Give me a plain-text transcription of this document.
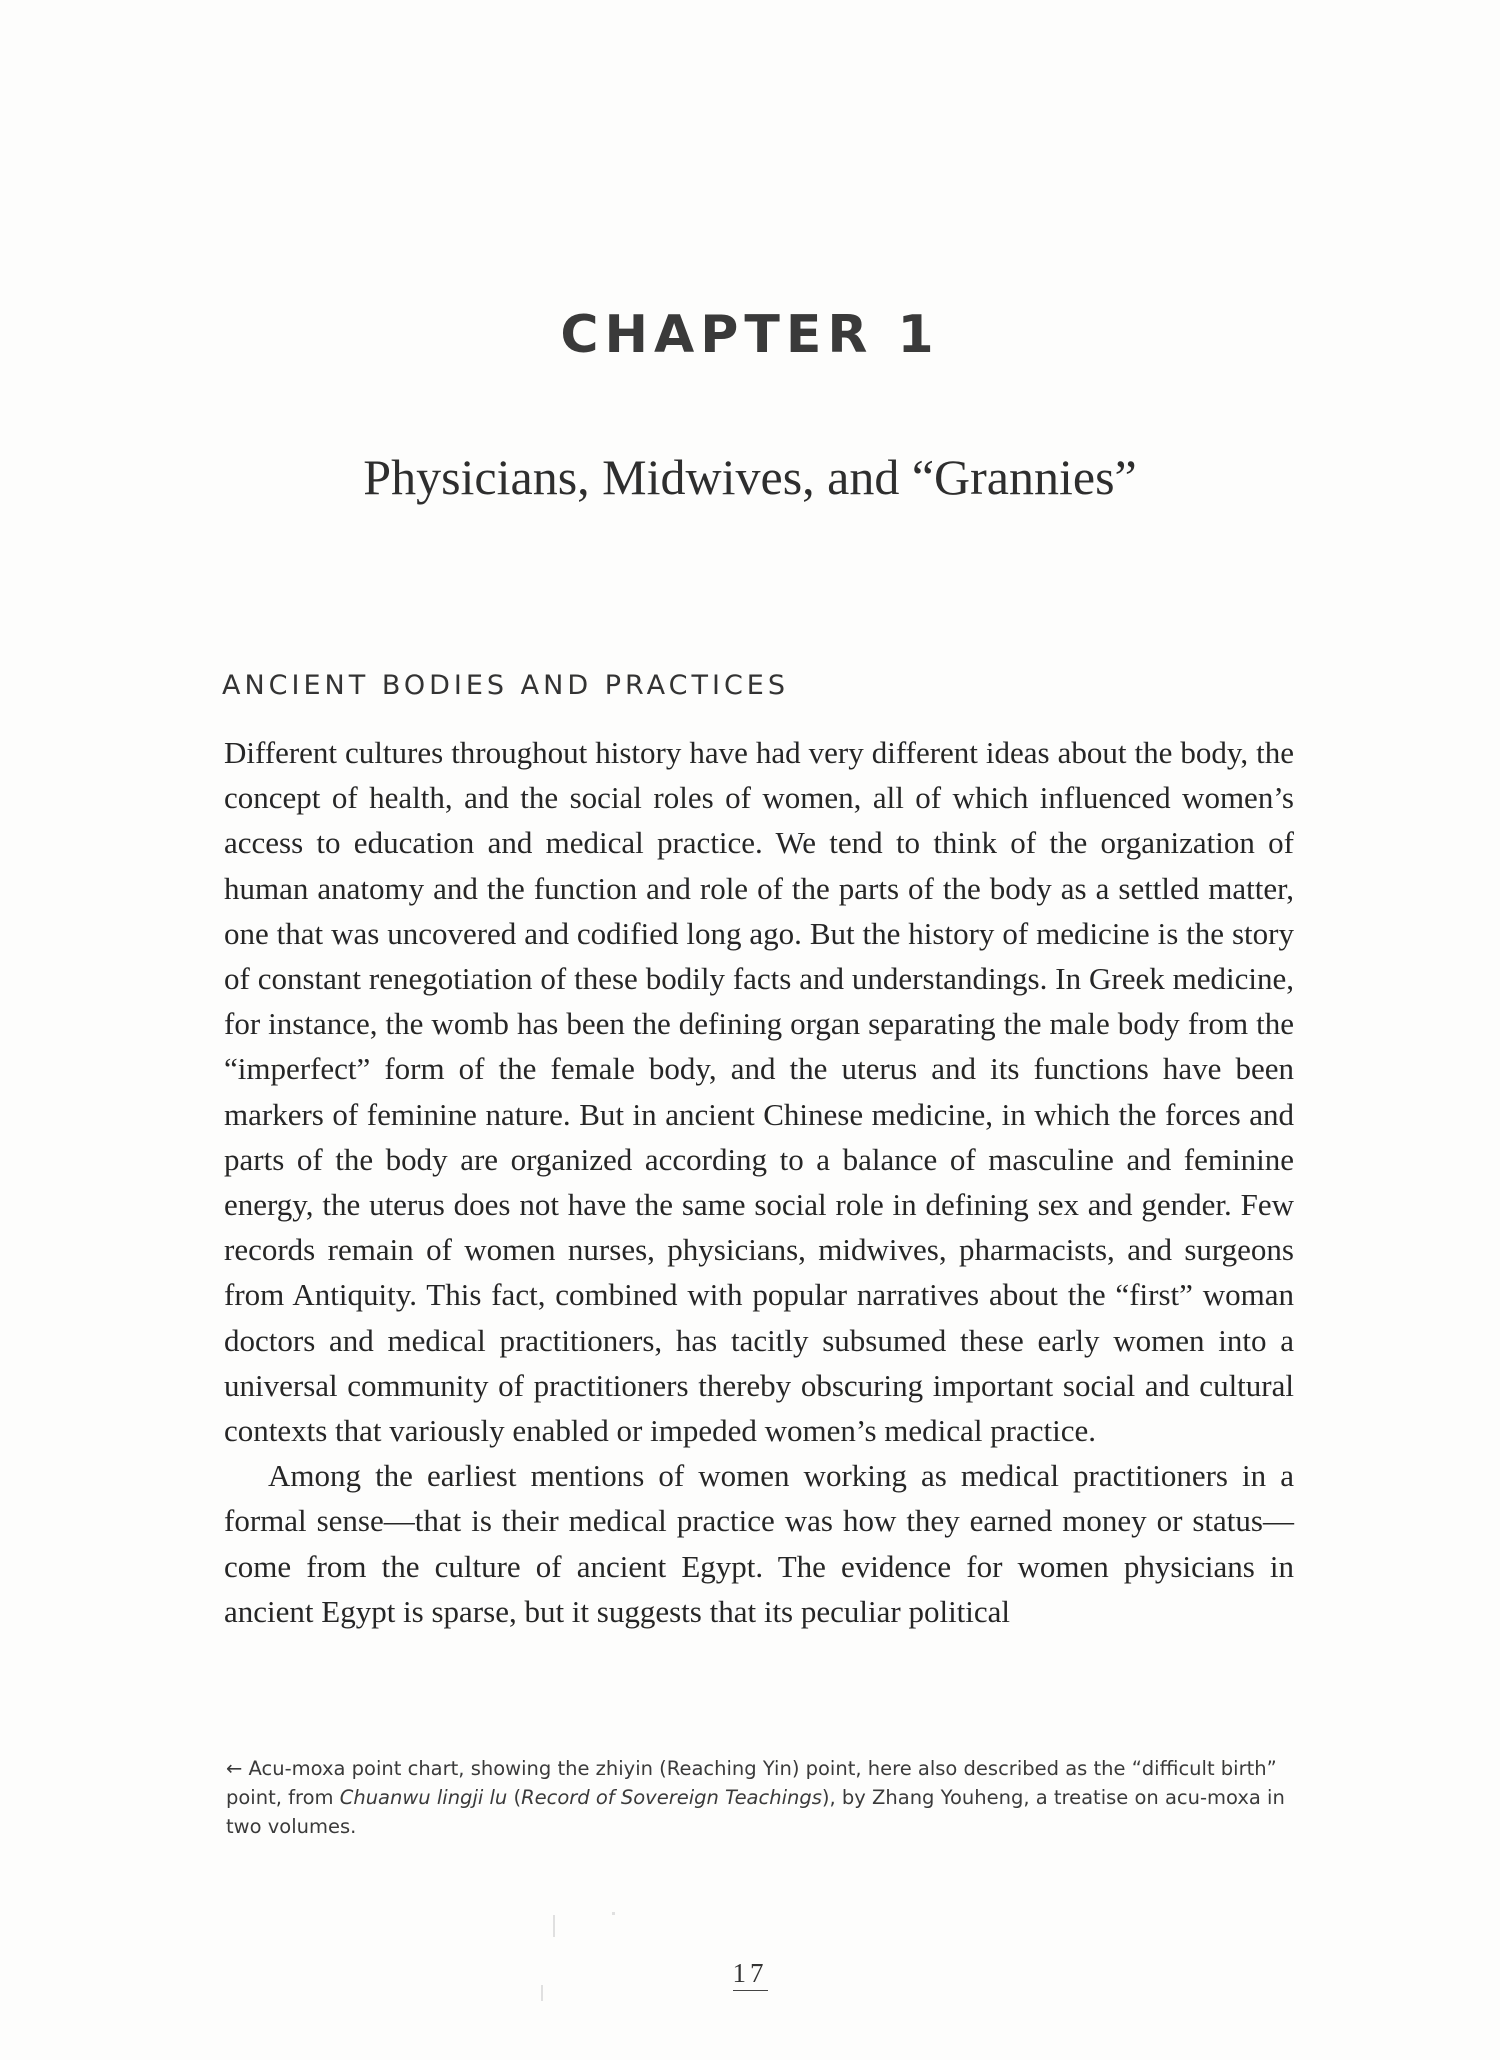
CHAPTER 1
Physicians, Midwives, and “Grannies”
ANCIENT BODIES AND PRACTICES

Different cultures throughout history have had very different ideas about the body, the concept of health, and the social roles of women, all of which influenced women’s access to education and medical practice. We tend to think of the organization of human anatomy and the function and role of the parts of the body as a settled matter, one that was uncovered and codified long ago. But the history of medicine is the story of constant renegotiation of these bodily facts and understandings. In Greek medicine, for instance, the womb has been the defining organ separating the male body from the “imperfect” form of the female body, and the uterus and its functions have been markers of feminine nature. But in ancient Chinese medicine, in which the forces and parts of the body are organized according to a balance of masculine and feminine energy, the uterus does not have the same social role in defining sex and gender. Few records remain of women nurses, physicians, midwives, pharmacists, and surgeons from Antiquity. This fact, combined with popular narratives about the “first” woman doctors and medical practitioners, has tacitly subsumed these early women into a universal community of practitioners thereby obscuring important social and cultural contexts that variously enabled or impeded women’s medical practice.

Among the earliest mentions of women working as medical practitioners in a formal sense—that is their medical practice was how they earned money or status—come from the culture of ancient Egypt. The evidence for women physicians in ancient Egypt is sparse, but it suggests that its peculiar political

← Acu-moxa point chart, showing the zhiyin (Reaching Yin) point, here also described as the “difficult birth” point, from Chuanwu lingji lu (Record of Sovereign Teachings), by Zhang Youheng, a treatise on acu-moxa in two volumes.
17
